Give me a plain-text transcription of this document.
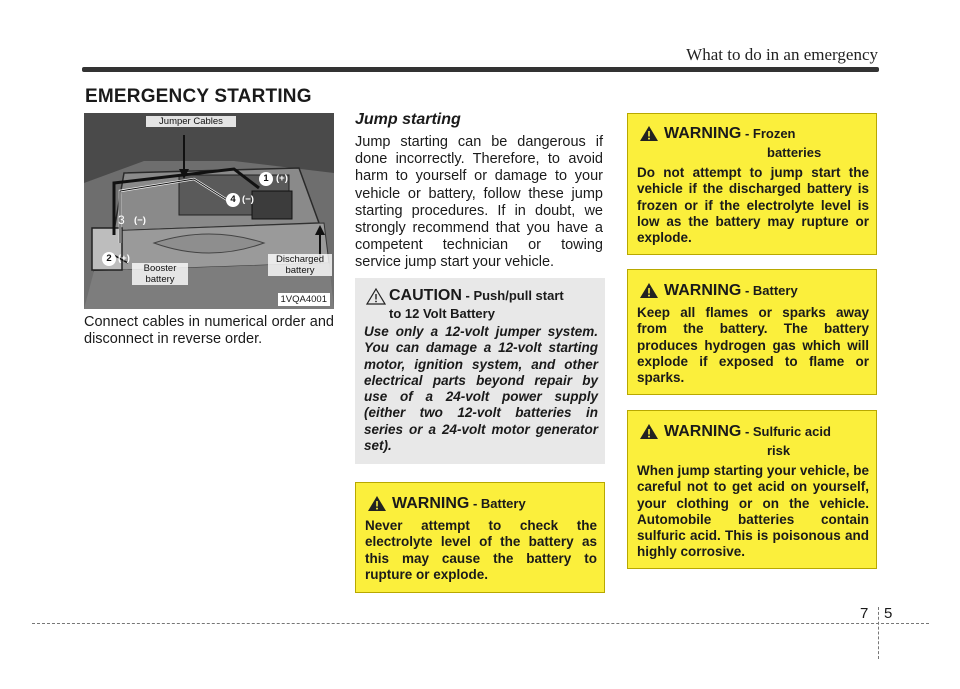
What to do in an emergency
EMERGENCY STARTING
Jumper Cables
Booster
battery
Discharged
battery
1 (+)
2 (+)
3 (−)
4 (−)
1VQA4001
Connect cables in numerical order and disconnect in reverse order.
Jump starting
Jump starting can be dangerous if done incorrectly. Therefore, to avoid harm to yourself or damage to your vehicle or battery, follow these jump starting procedures. If in doubt, we strongly recommend that you have a competent technician or towing service jump start your vehicle.
CAUTION - Push/pull start
to 12 Volt Battery
Use only a 12-volt jumper system. You can damage a 12-volt starting motor, ignition system, and other electrical parts beyond repair by use of a 24-volt power supply (either two 12-volt batteries in series or a 24-volt motor generator set).
WARNING - Frozen
batteries
Do not attempt to jump start the vehicle if the discharged battery is frozen or if the electrolyte level is low as the battery may rupture or explode.
WARNING - Battery
Keep all flames or sparks away from the battery. The battery produces hydrogen gas which will explode if exposed to flame or sparks.
WARNING - Sulfuric acid
risk
When jump starting your vehicle, be careful not to get acid on yourself, your clothing or on the vehicle. Automobile batteries contain sulfuric acid. This is poisonous and highly corrosive.
WARNING - Battery
Never attempt to check the electrolyte level of the battery as this may cause the battery to rupture or explode.
7 5
